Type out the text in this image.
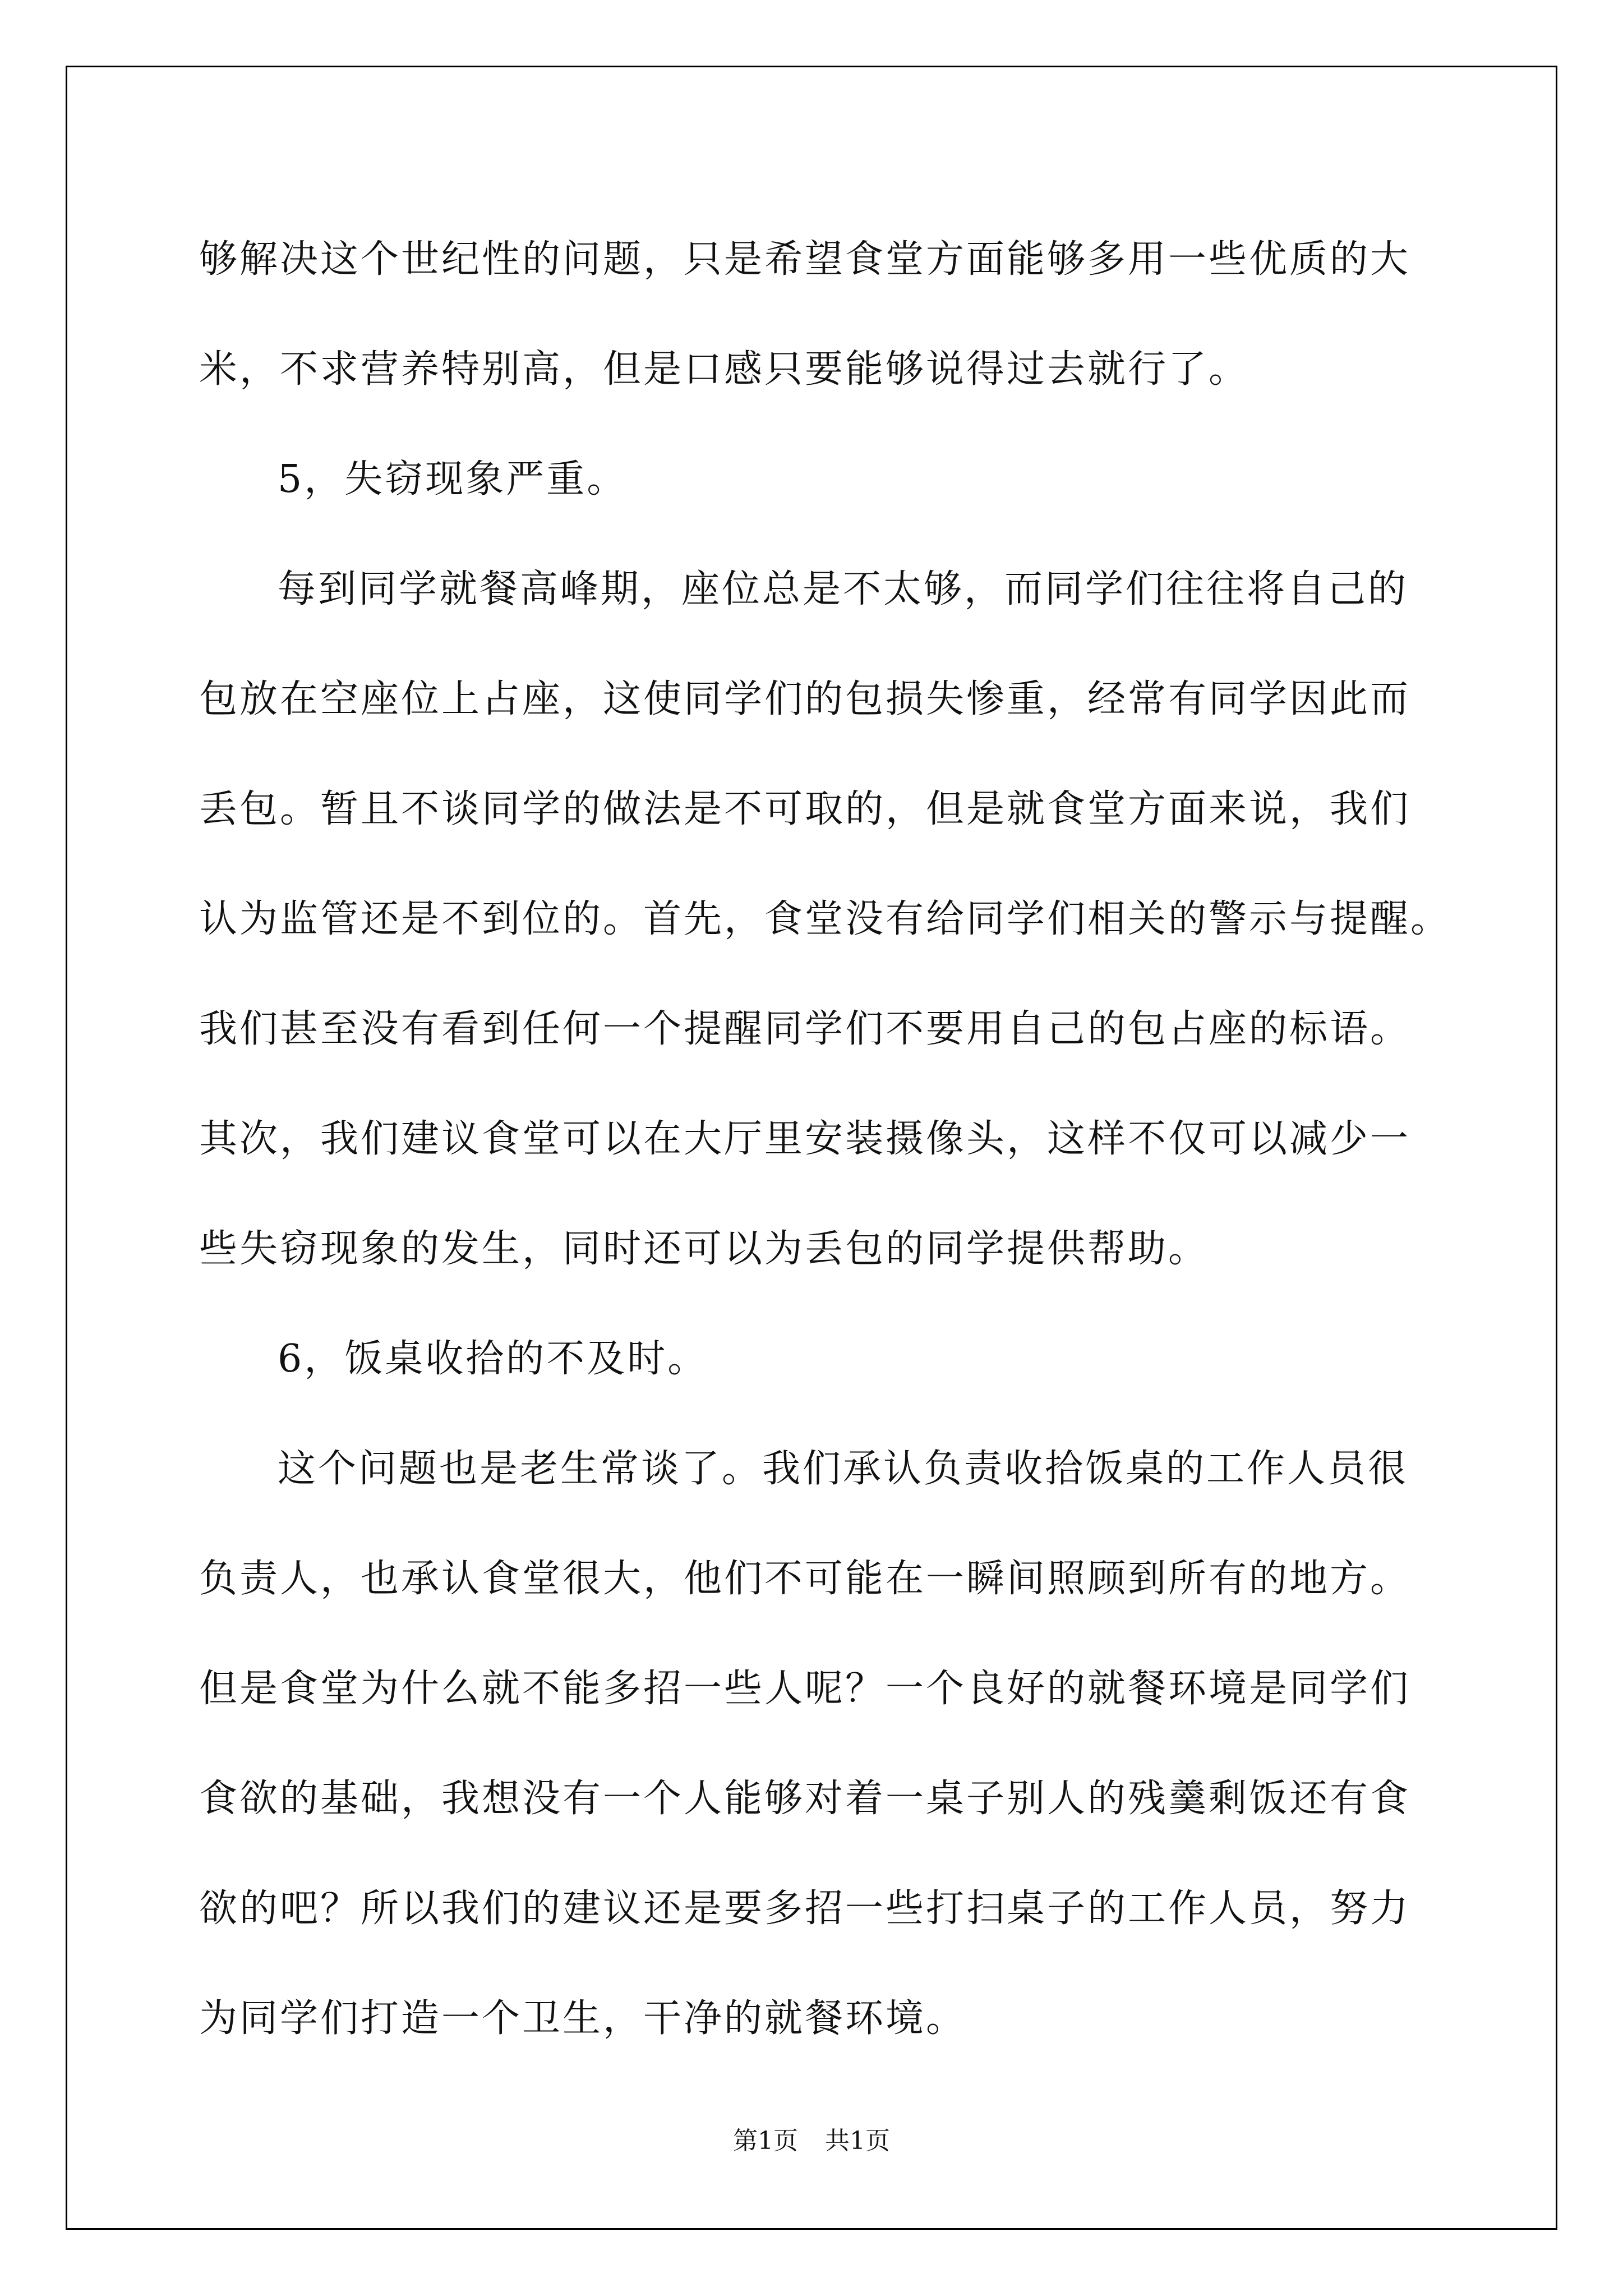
够解决这个世纪性的问题，只是希望食堂方面能够多用一些优质的大
米，不求营养特别高，但是口感只要能够说得过去就行了。
5，失窃现象严重。
每到同学就餐高峰期，座位总是不太够，而同学们往往将自己的
包放在空座位上占座，这使同学们的包损失惨重，经常有同学因此而
丢包。暂且不谈同学的做法是不可取的，但是就食堂方面来说，我们
认为监管还是不到位的。首先，食堂没有给同学们相关的警示与提醒。
我们甚至没有看到任何一个提醒同学们不要用自己的包占座的标语。
其次，我们建议食堂可以在大厅里安装摄像头，这样不仅可以减少一
些失窃现象的发生，同时还可以为丢包的同学提供帮助。
6，饭桌收拾的不及时。
这个问题也是老生常谈了。我们承认负责收拾饭桌的工作人员很
负责人，也承认食堂很大，他们不可能在一瞬间照顾到所有的地方。
但是食堂为什么就不能多招一些人呢？一个良好的就餐环境是同学们
食欲的基础，我想没有一个人能够对着一桌子别人的残羹剩饭还有食
欲的吧？所以我们的建议还是要多招一些打扫桌子的工作人员，努力
为同学们打造一个卫生，干净的就餐环境。
第1页 共1页
